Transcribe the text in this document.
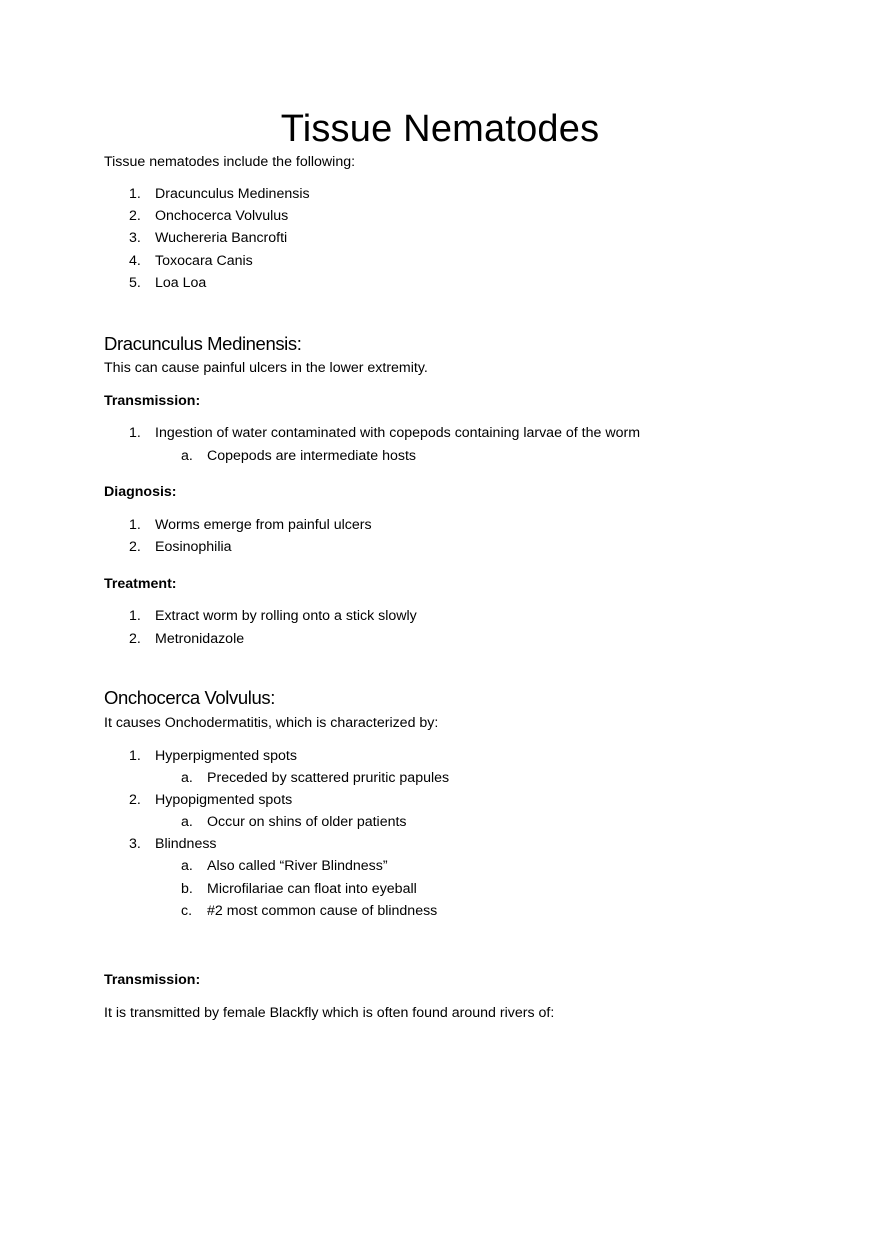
Tissue Nematodes
Tissue nematodes include the following:
1. Dracunculus Medinensis
2. Onchocerca Volvulus
3. Wuchereria Bancrofti
4. Toxocara Canis
5. Loa Loa
Dracunculus Medinensis:
This can cause painful ulcers in the lower extremity.
Transmission:
1. Ingestion of water contaminated with copepods containing larvae of the worm
a. Copepods are intermediate hosts
Diagnosis:
1. Worms emerge from painful ulcers
2. Eosinophilia
Treatment:
1. Extract worm by rolling onto a stick slowly
2. Metronidazole
Onchocerca Volvulus:
It causes Onchodermatitis, which is characterized by:
1. Hyperpigmented spots
a. Preceded by scattered pruritic papules
2. Hypopigmented spots
a. Occur on shins of older patients
3. Blindness
a. Also called “River Blindness”
b. Microfilariae can float into eyeball
c. #2 most common cause of blindness
Transmission:
It is transmitted by female Blackfly which is often found around rivers of:
